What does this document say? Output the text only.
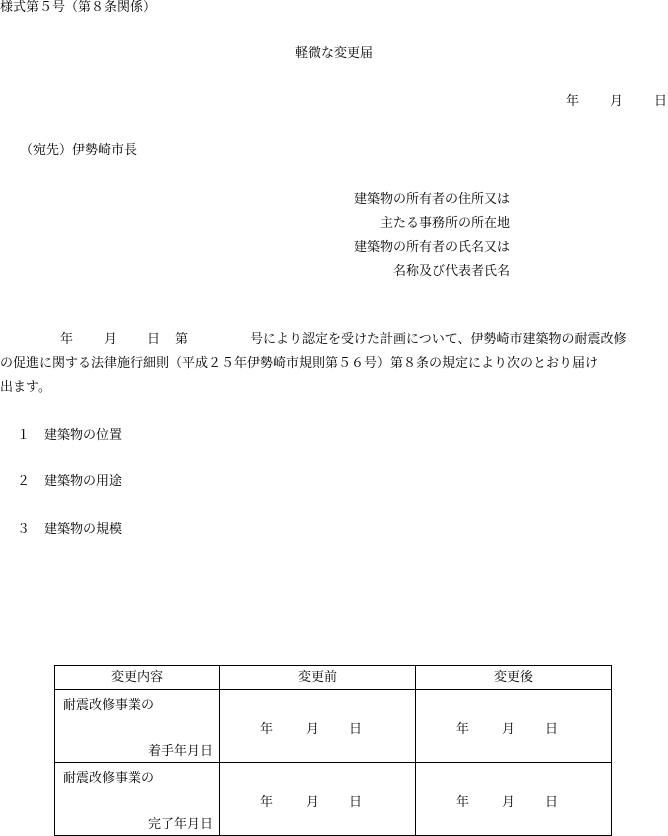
様式第５号（第８条関係）
軽微な変更届
年 月 日
（宛先）伊勢崎市長
建築物の所有者の住所又は
主たる事務所の所在地
建築物の所有者の氏名又は
名称及び代表者氏名
年 月 日 第	号により認定を受けた計画について、伊勢崎市建築物の耐震改修
の促進に関する法律施行細則（平成２５年伊勢崎市規則第５６号）第８条の規定により次のとおり届け
出ます。
１ 建築物の位置
２ 建築物の用途
３ 建築物の規模
変更内容	変更前	変更後

耐震改修事業の
着手年月日	年 月 日	年 月 日

耐震改修事業の
完了年月日	年 月 日	年 月 日
